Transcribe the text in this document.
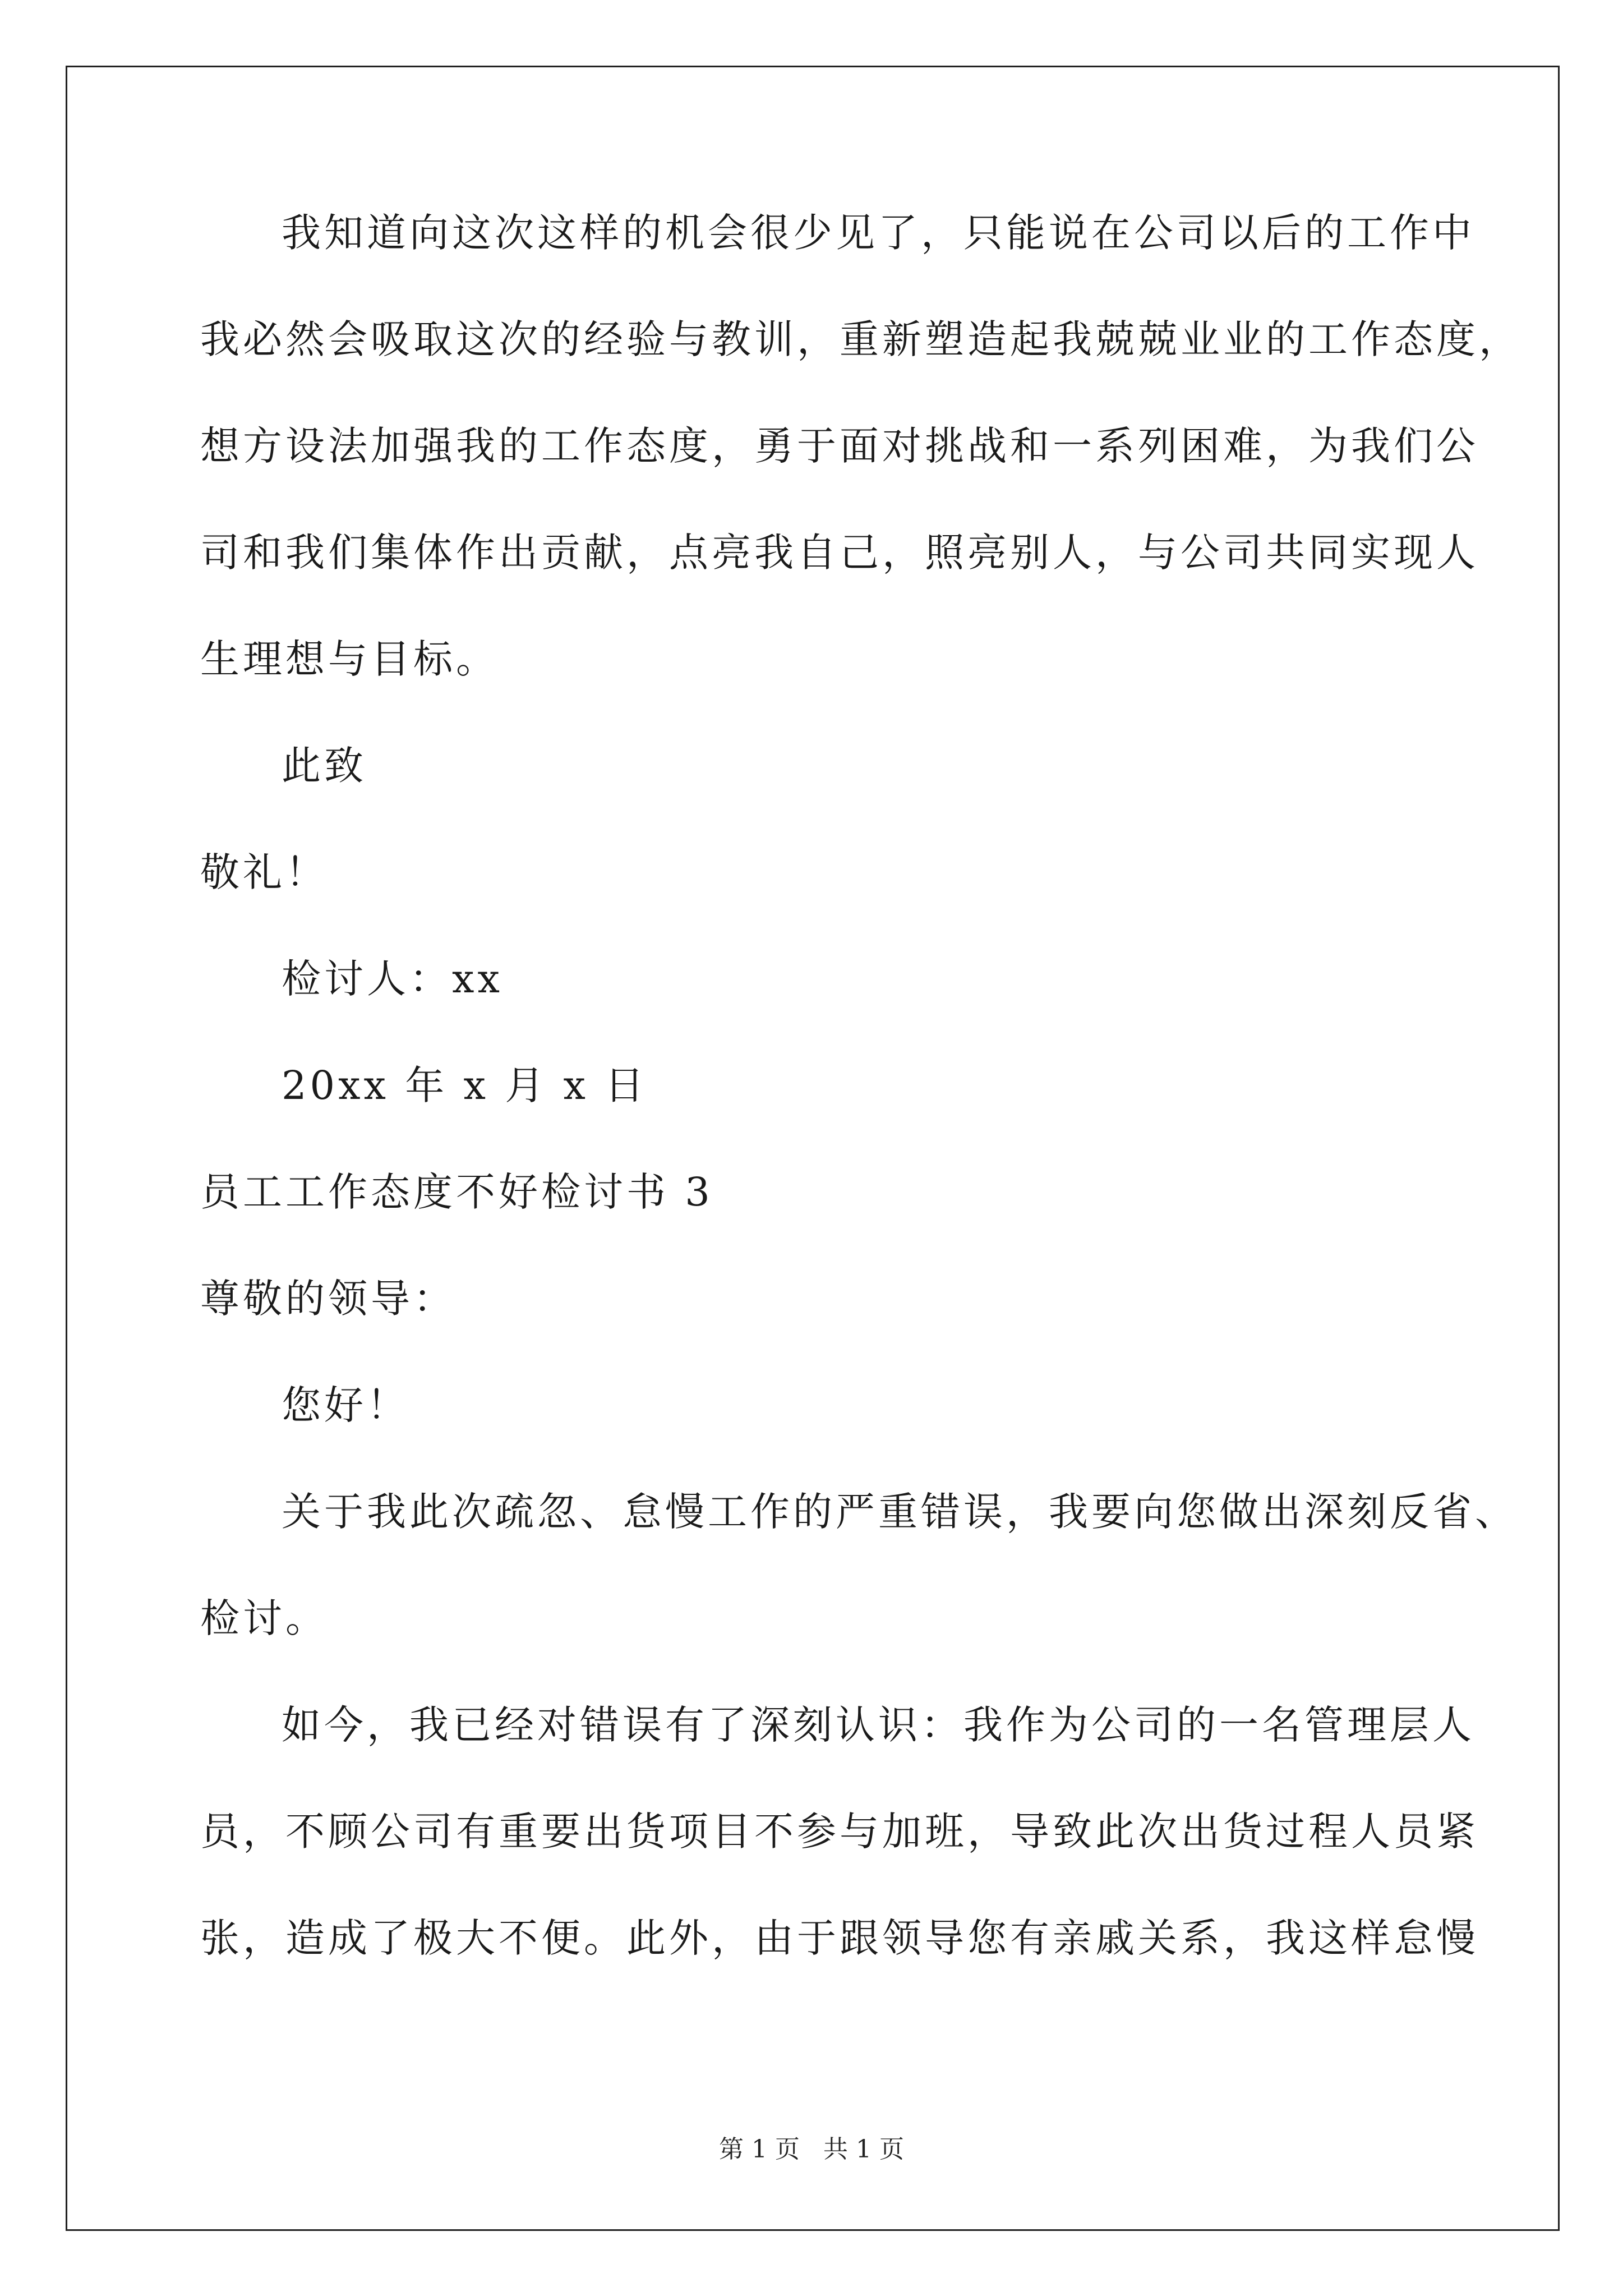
我知道向这次这样的机会很少见了，只能说在公司以后的工作中
我必然会吸取这次的经验与教训，重新塑造起我兢兢业业的工作态度，
想方设法加强我的工作态度，勇于面对挑战和一系列困难，为我们公
司和我们集体作出贡献，点亮我自己，照亮别人，与公司共同实现人
生理想与目标。
此致
敬礼！
检讨人：xx
20xx 年 x 月 x 日
员工工作态度不好检讨书 3
尊敬的领导：
您好！
关于我此次疏忽、怠慢工作的严重错误，我要向您做出深刻反省、
检讨。
如今，我已经对错误有了深刻认识：我作为公司的一名管理层人
员，不顾公司有重要出货项目不参与加班，导致此次出货过程人员紧
张，造成了极大不便。此外，由于跟领导您有亲戚关系，我这样怠慢
第 1 页 共 1 页
